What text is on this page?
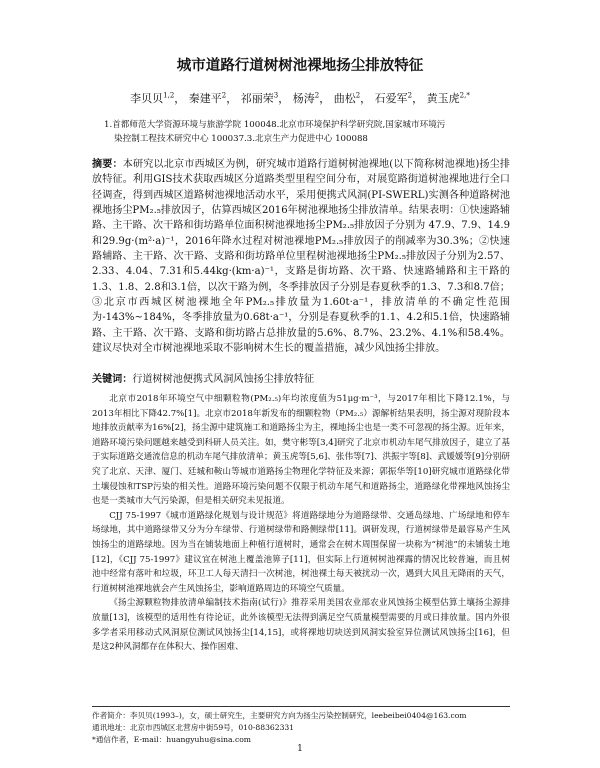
城市道路行道树树池裸地扬尘排放特征
李贝贝$^{1,2}$， 秦建平$^2$， 祁丽荣$^3$， 杨涛$^2$， 曲松$^2$， 石爱军$^2$， 黄玉虎$^{2,*}$
1.首都师范大学资源环境与旅游学院 100048.北京市环境保护科学研究院,国家城市环境污
染控制工程技术研究中心 100037.3.北京生产力促进中心 100088
摘要：本研究以北京市西城区为例，研究城市道路行道树树池裸地(以下简称树池裸地)扬尘排放特征。利用GIS技术获取西城区分道路类型里程空间分布，对展览路街道树池裸地进行全口径调查，得到西城区道路树池裸地活动水平，采用便携式风洞(PI-SWERL)实测各种道路树池裸地扬尘PM₂.₅排放因子，估算西城区2016年树池裸地扬尘排放清单。结果表明：①快速路辅路、主干路、次干路和街坊路单位面积树池裸地扬尘PM₂.₅排放因子分别为 47.9、7.9、14.9 和29.9g·(m²·a)⁻¹，2016年降水过程对树池裸地PM₂.₅排放因子的削减率为30.3%；②快速路辅路、主干路、次干路、支路和街坊路单位里程树池裸地扬尘PM₂.₅排放因子分别为2.57、2.33、4.04、7.31和5.44kg·(km·a)⁻¹，支路是街坊路、次干路、快速路辅路和主干路的1.3、1.8、2.8和3.1倍，以次干路为例，冬季排放因子分别是春夏秋季的1.3、7.3和8.7倍；③北京市西城区树池裸地全年PM₂.₅排放量为1.60t·a⁻¹，排放清单的不确定性范围为-143%~184%，冬季排放量为0.68t·a⁻¹，分别是春夏秋季的1.1、4.2和5.1倍，快速路辅路、主干路、次干路、支路和街坊路占总排放量的5.6%、8.7%、23.2%、4.1%和58.4%。建议尽快对全市树池裸地采取不影响树木生长的覆盖措施，减少风蚀扬尘排放。
关键词：行道树树池便携式风洞风蚀扬尘排放特征

北京市2018年环境空气中细颗粒物(PM₂.₅)年均浓度值为51μg·m⁻³，与2017年相比下降12.1%，与2013年相比下降42.7%[1]。北京市2018年新发布的细颗粒物（PM₂.₅）源解析结果表明，扬尘源对现阶段本地排放贡献率为16%[2]，扬尘源中建筑施工和道路扬尘为主，裸地扬尘也是一类不可忽视的扬尘源。近年来，道路环境污染问题越来越受到科研人员关注。如，樊守彬等[3,4]研究了北京市机动车尾气排放因子，建立了基于实际道路交通流信息的机动车尾气排放清单；黄玉虎等[5,6]、张伟等[7]、洪振宇等[8]、武媛媛等[9]分别研究了北京、天津、厦门、廷城和鞍山等城市道路扬尘物理化学特征及来源；郭振华等[10]研究城市道路绿化带土壤侵蚀和TSP污染的相关性。道路环境污染问题不仅限于机动车尾气和道路扬尘，道路绿化带裸地风蚀扬尘也是一类城市大气污染源，但是相关研究未见报道。

CJJ 75-1997《城市道路绿化规划与设计规范》将道路绿地分为道路绿带、交通岛绿地、广场绿地和停车场绿地，其中道路绿带又分为分车绿带、行道树绿带和路侧绿带[11]。调研发现，行道树绿带是最容易产生风蚀扬尘的道路绿地。因为当在铺装地面上种植行道树时，通常会在树木周围保留一块称为“树池”的未铺装土地[12]，《CJJ 75-1997》建议宜在树池上覆盖池箅子[11]，但实际上行道树树池裸露的情况比较普遍，而且树池中经常有落叶和垃圾，环卫工人每天清扫一次树池，树池裸土每天被扰动一次，遇到大风且无降雨的天气，行道树树池裸地就会产生风蚀扬尘，影响道路周边的环境空气质量。

《扬尘源颗粒物排放清单编制技术指南(试行)》推荐采用美国农业部农业风蚀扬尘模型估算土壤扬尘源排放量[13]，该模型的适用性有待论证，此外该模型无法得到满足空气质量模型需要的月或日排放量。国内外很多学者采用移动式风洞原位测试风蚀扬尘[14,15]，或将裸地切块送到风洞实验室异位测试风蚀扬尘[16]，但是这2种风洞都存在体积大、操作困难、

作者简介：李贝贝(1993–)，女，硕士研究生，主要研究方向为扬尘污染控制研究，leebeibei0404@163.com
通讯地址：北京市西城区北营房中街59号，010-88362331
*通信作者，E-mail：huangyuhu@sina.com
1
